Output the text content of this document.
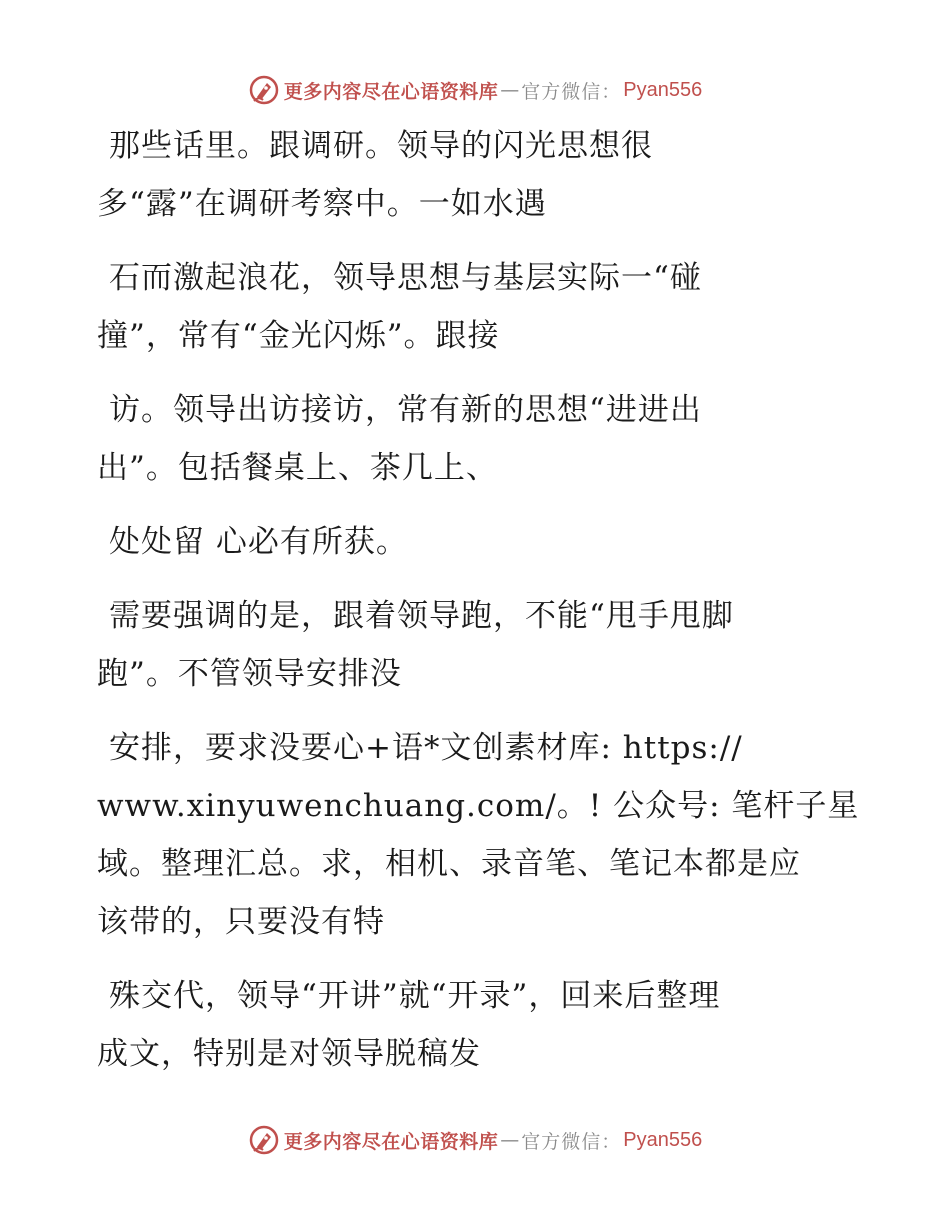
更多内容尽在心语资料库 — 官方微信： Pyan556
那些话里。跟调研。领导的闪光思想很
多“露”在调研考察中。一如水遇
石而激起浪花，领导思想与基层实际一“碰
撞”，常有“金光闪烁”。跟接
访。领导出访接访，常有新的思想“进进出
出”。包括餐桌上、茶几上、
处处留 心必有所获。
需要强调的是，跟着领导跑，不能“甩手甩脚
跑”。不管领导安排没
安排，要求没要心+语*文创素材库: https://
www.xinyuwenchuang.com/。! 公众号: 笔杆子星
域。整理汇总。求，相机、录音笔、笔记本都是应
该带的，只要没有特
殊交代，领导“开讲”就“开录”，回来后整理
成文，特别是对领导脱稿发
更多内容尽在心语资料库 — 官方微信： Pyan556
